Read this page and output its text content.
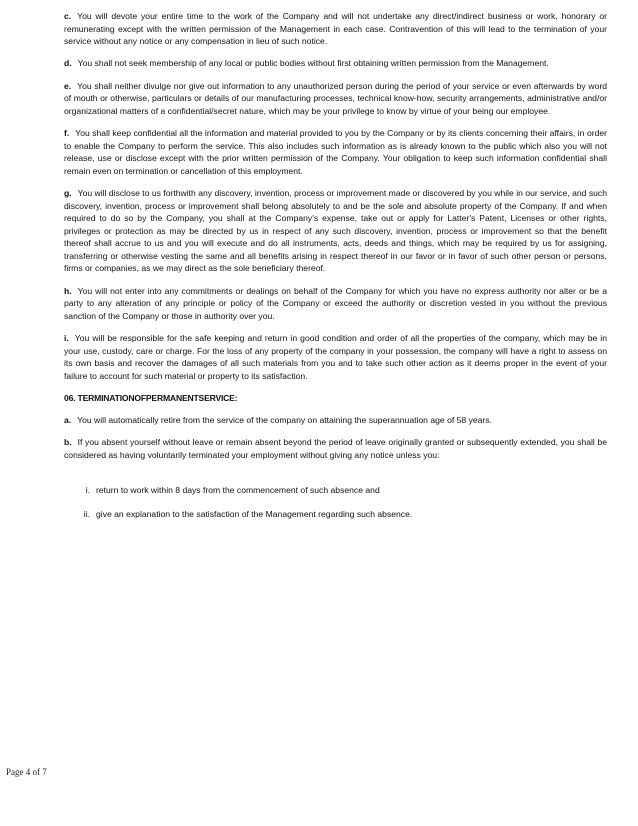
c. You will devote your entire time to the work of the Company and will not undertake any direct/indirect business or work, honorary or remunerating except with the written permission of the Management in each case. Contravention of this will lead to the termination of your service without any notice or any compensation in lieu of such notice.

d. You shall not seek membership of any local or public bodies without first obtaining written permission from the Management.

e. You shall neither divulge nor give out information to any unauthorized person during the period of your service or even afterwards by word of mouth or otherwise, particulars or details of our manufacturing processes, technical know-how, security arrangements, administrative and/or organizational matters of a confidential/secret nature, which may be your privilege to know by virtue of your being our employee.

f. You shall keep confidential all the information and material provided to you by the Company or by its clients concerning their affairs, in order to enable the Company to perform the service. This also includes such information as is already known to the public which also you will not release, use or disclose except with the prior written permission of the Company. Your obligation to keep such information confidential shall remain even on termination or cancellation of this employment.

g. You will disclose to us forthwith any discovery, invention, process or improvement made or discovered by you while in our service, and such discovery, invention, process or improvement shall belong absolutely to and be the sole and absolute property of the Company. If and when required to do so by the Company, you shall at the Company's expense, take out or apply for Latter's Patent, Licenses or other rights, privileges or protection as may be directed by us in respect of any such discovery, invention, process or improvement so that the benefit thereof shall accrue to us and you will execute and do all instruments, acts, deeds and things, which may be required by us for assigning, transferring or otherwise vesting the same and all benefits arising in respect thereof in our favor or in favor of such other person or persons, firms or companies, as we may direct as the sole beneficiary thereof.

h. You will not enter into any commitments or dealings on behalf of the Company for which you have no express authority nor alter or be a party to any alteration of any principle or policy of the Company or exceed the authority or discretion vested in you without the previous sanction of the Company or those in authority over you.

i. You will be responsible for the safe keeping and return in good condition and order of all the properties of the company, which may be in your use, custody, care or charge. For the loss of any property of the company in your possession, the company will have a right to assess on its own basis and recover the damages of all such materials from you and to take such other action as it deems proper in the event of your failure to account for such material or property to its satisfaction.

06. TERMINATIONOFPERMANENTSERVICE:

a. You will automatically retire from the service of the company on attaining the superannuation age of 58 years.

b. If you absent yourself without leave or remain absent beyond the period of leave originally granted or subsequently extended, you shall be considered as having voluntarily terminated your employment without giving any notice unless you:

i. return to work within 8 days from the commencement of such absence and
ii. give an explanation to the satisfaction of the Management regarding such absence.
Page 4 of 7
